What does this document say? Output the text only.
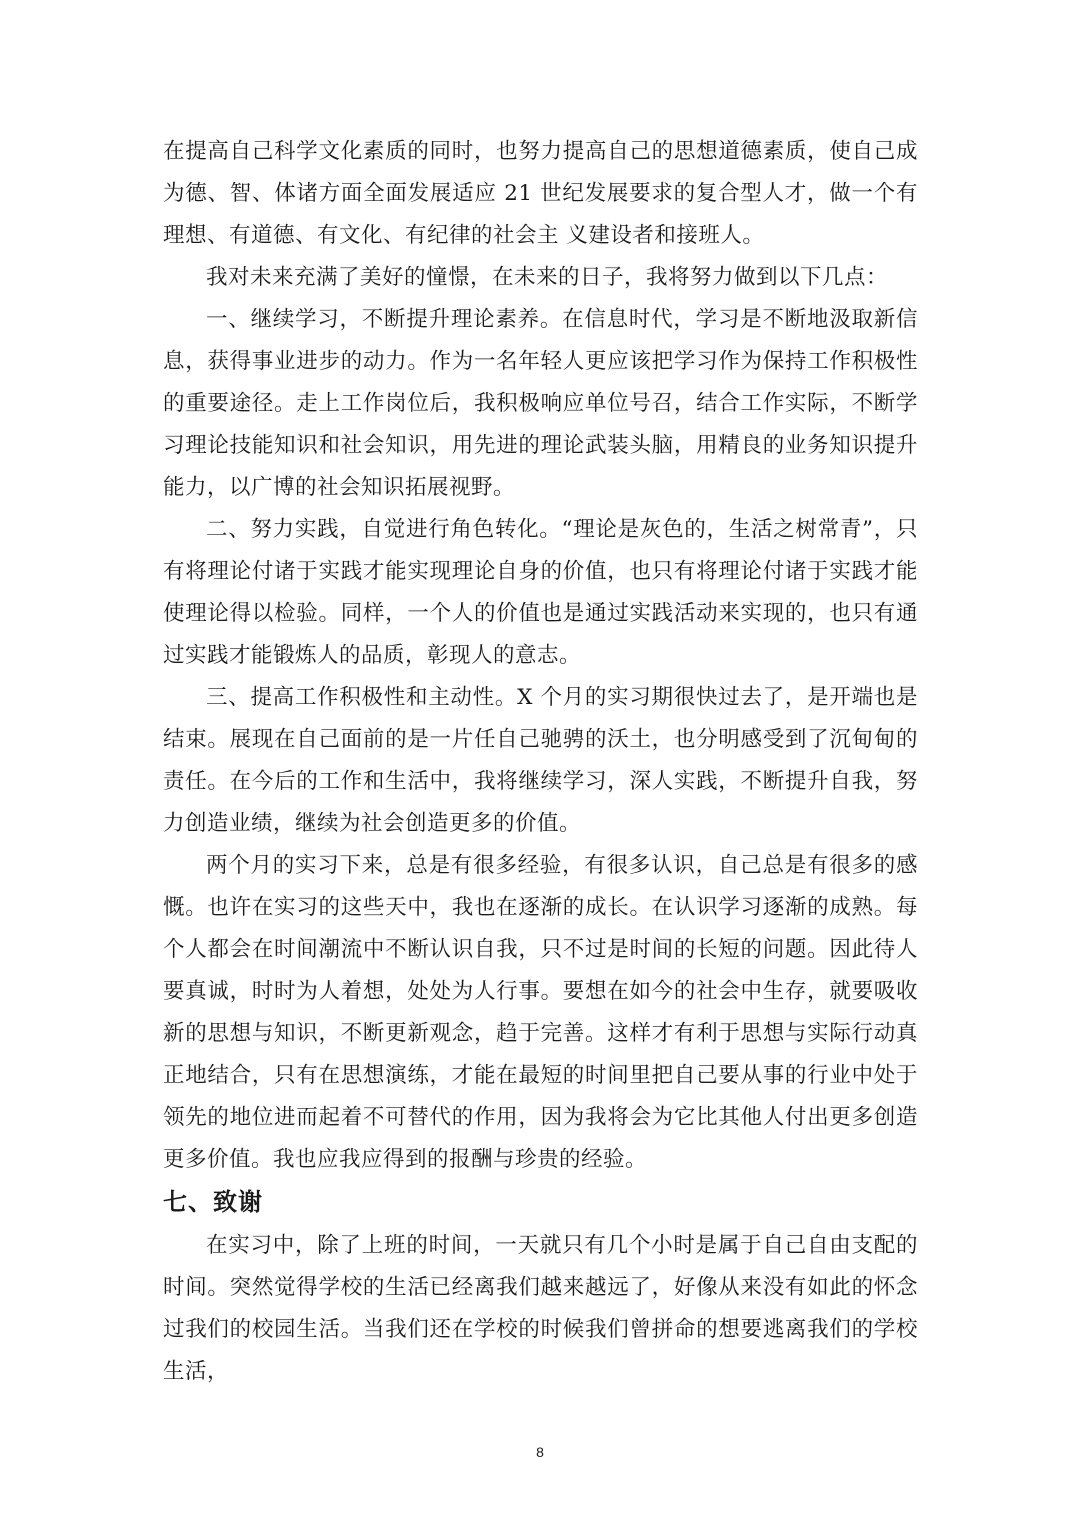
在提高自己科学文化素质的同时，也努力提高自己的思想道德素质，使自己成为德、智、体诸方面全面发展适应 21 世纪发展要求的复合型人才，做一个有理想、有道德、有文化、有纪律的社会主 义建设者和接班人。

我对未来充满了美好的憧憬，在未来的日子，我将努力做到以下几点：

一、继续学习，不断提升理论素养。在信息时代，学习是不断地汲取新信息，获得事业进步的动力。作为一名年轻人更应该把学习作为保持工作积极性的重要途径。走上工作岗位后，我积极响应单位号召，结合工作实际，不断学习理论技能知识和社会知识，用先进的理论武装头脑，用精良的业务知识提升能力，以广博的社会知识拓展视野。

二、努力实践，自觉进行角色转化。“理论是灰色的，生活之树常青”，只有将理论付诸于实践才能实现理论自身的价值，也只有将理论付诸于实践才能使理论得以检验。同样，一个人的价值也是通过实践活动来实现的，也只有通过实践才能锻炼人的品质，彰现人的意志。

三、提高工作积极性和主动性。X 个月的实习期很快过去了，是开端也是结束。展现在自己面前的是一片任自己驰骋的沃土，也分明感受到了沉甸甸的责任。在今后的工作和生活中，我将继续学习，深人实践，不断提升自我，努力创造业绩，继续为社会创造更多的价值。

两个月的实习下来，总是有很多经验，有很多认识，自己总是有很多的感慨。也许在实习的这些天中，我也在逐渐的成长。在认识学习逐渐的成熟。每个人都会在时间潮流中不断认识自我，只不过是时间的长短的问题。因此待人要真诚，时时为人着想，处处为人行事。要想在如今的社会中生存，就要吸收新的思想与知识，不断更新观念，趋于完善。这样才有利于思想与实际行动真正地结合，只有在思想演练，才能在最短的时间里把自己要从事的行业中处于领先的地位进而起着不可替代的作用，因为我将会为它比其他人付出更多创造更多价值。我也应我应得到的报酬与珍贵的经验。

七、致谢

在实习中，除了上班的时间，一天就只有几个小时是属于自己自由支配的时间。突然觉得学校的生活已经离我们越来越远了，好像从来没有如此的怀念过我们的校园生活。当我们还在学校的时候我们曾拼命的想要逃离我们的学校生活，

8
